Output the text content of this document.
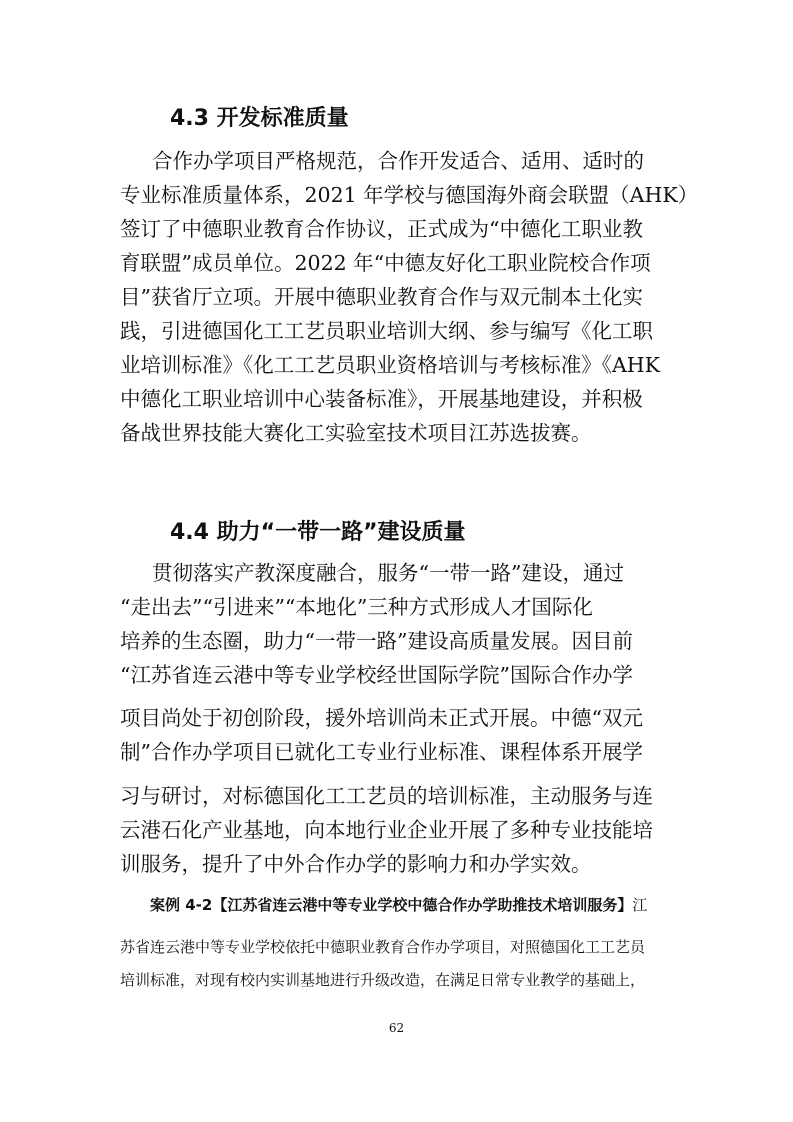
4.3 开发标准质量

合作办学项目严格规范，合作开发适合、适用、适时的

专业标准质量体系，2021 年学校与德国海外商会联盟（AHK）

签订了中德职业教育合作协议，正式成为“中德化工职业教

育联盟”成员单位。2022 年“中德友好化工职业院校合作项

目”获省厅立项。开展中德职业教育合作与双元制本土化实

践，引进德国化工工艺员职业培训大纲、参与编写《化工职

业培训标准》《化工工艺员职业资格培训与考核标准》《AHK

中德化工职业培训中心装备标准》，开展基地建设，并积极

备战世界技能大赛化工实验室技术项目江苏选拔赛。

4.4 助力“一带一路”建设质量

贯彻落实产教深度融合，服务“一带一路”建设，通过

“走出去”“引进来”“本地化”三种方式形成人才国际化

培养的生态圈，助力“一带一路”建设高质量发展。因目前

“江苏省连云港中等专业学校经世国际学院”国际合作办学

项目尚处于初创阶段，援外培训尚未正式开展。中德“双元

制”合作办学项目已就化工专业行业标准、课程体系开展学

习与研讨，对标德国化工工艺员的培训标准，主动服务与连

云港石化产业基地，向本地行业企业开展了多种专业技能培

训服务，提升了中外合作办学的影响力和办学实效。

案例 4-2【江苏省连云港中等专业学校中德合作办学助推技术培训服务】江

苏省连云港中等专业学校依托中德职业教育合作办学项目，对照德国化工工艺员

培训标准，对现有校内实训基地进行升级改造，在满足日常专业教学的基础上，

62
